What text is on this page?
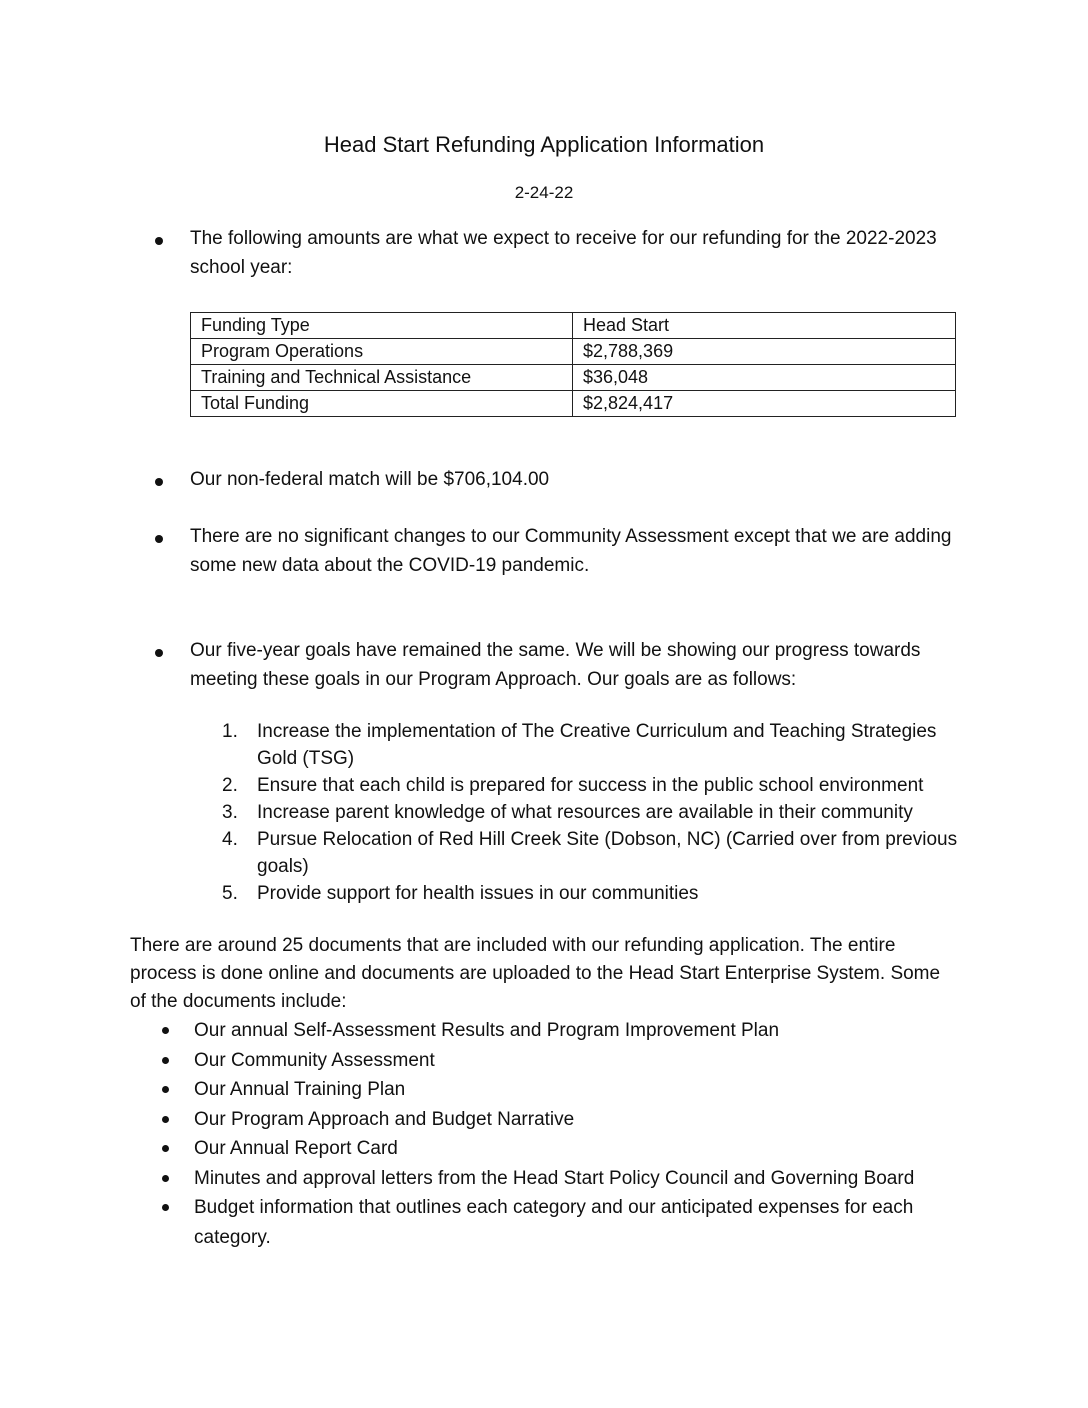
Head Start Refunding Application Information
2-24-22
The following amounts are what we expect to receive for our refunding for the 2022-2023 school year:
Funding Type	Head Start
Program Operations	$2,788,369
Training and Technical Assistance	$36,048
Total Funding	$2,824,417
Our non-federal match will be $706,104.00
There are no significant changes to our Community Assessment except that we are adding some new data about the COVID-19 pandemic.
Our five-year goals have remained the same. We will be showing our progress towards meeting these goals in our Program Approach. Our goals are as follows:
1. Increase the implementation of The Creative Curriculum and Teaching Strategies Gold (TSG)
2. Ensure that each child is prepared for success in the public school environment
3. Increase parent knowledge of what resources are available in their community
4. Pursue Relocation of Red Hill Creek Site (Dobson, NC) (Carried over from previous goals)
5. Provide support for health issues in our communities
There are around 25 documents that are included with our refunding application. The entire process is done online and documents are uploaded to the Head Start Enterprise System. Some of the documents include:
Our annual Self-Assessment Results and Program Improvement Plan
Our Community Assessment
Our Annual Training Plan
Our Program Approach and Budget Narrative
Our Annual Report Card
Minutes and approval letters from the Head Start Policy Council and Governing Board
Budget information that outlines each category and our anticipated expenses for each category.
